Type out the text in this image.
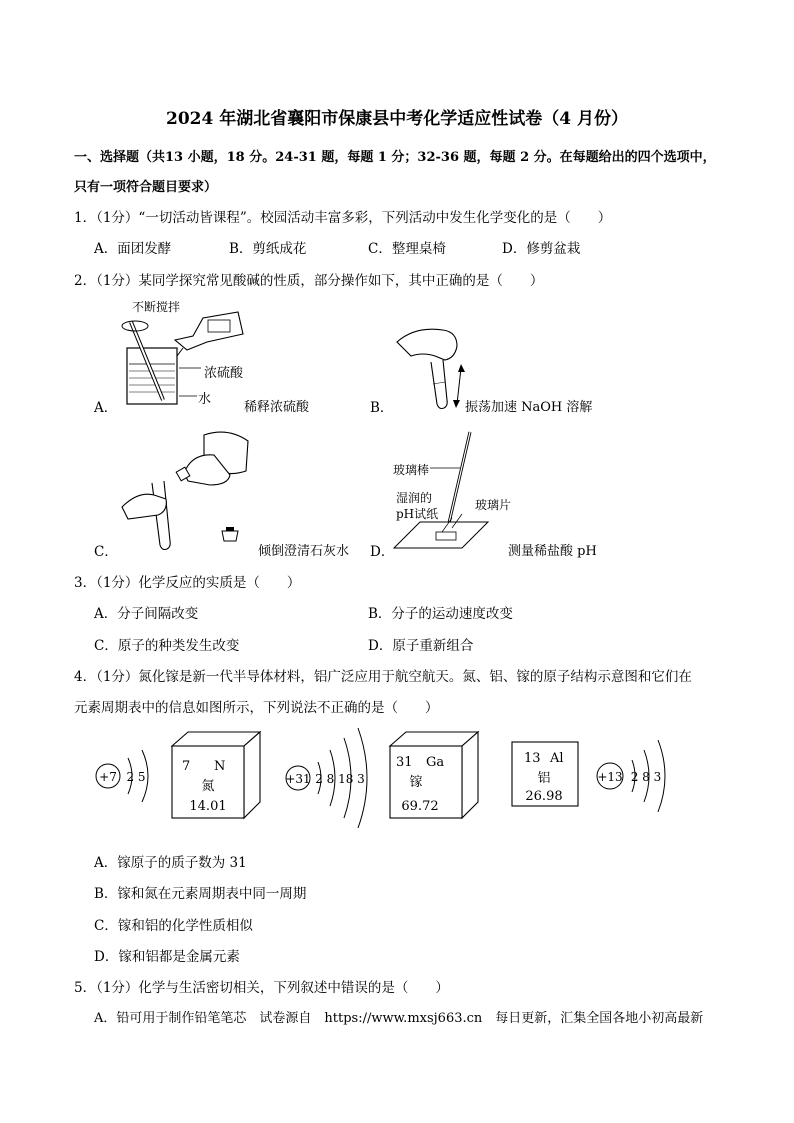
2024 年湖北省襄阳市保康县中考化学适应性试卷（4 月份）
一、选择题（共13 小题，18 分。24-31 题，每题 1 分；32-36 题，每题 2 分。在每题给出的四个选项中，
只有一项符合题目要求）
1．（1分）“一切活动皆课程”。校园活动丰富多彩，下列活动中发生化学变化的是（　　）
A．面团发酵	B．剪纸成花	C．整理桌椅	D．修剪盆栽
2．（1分）某同学探究常见酸碱的性质，部分操作如下，其中正确的是（　　）
不断搅拌
浓硫酸
水
A．	稀释浓硫酸	B．	振荡加速 NaOH 溶解
C．	倾倒澄清石灰水
玻璃棒
湿润的
pH试纸
玻璃片
D．	测量稀盐酸 pH
3．（1分）化学反应的实质是（　　）
A．分子间隔改变	B．分子的运动速度改变
C．原子的种类发生改变	D．原子重新组合
4．（1分）氮化镓是新一代半导体材料，铝广泛应用于航空航天。氮、铝、镓的原子结构示意图和它们在
元素周期表中的信息如图所示，下列说法不正确的是（　　）
+7 2 5
7 N
氮
14.01
+31 2 8 18 3
31 Ga
镓
69.72
13 Al
铝
26.98
+13 2 8 3
A．镓原子的质子数为 31
B．镓和氮在元素周期表中同一周期
C．镓和铝的化学性质相似
D．镓和铝都是金属元素
5．（1分）化学与生活密切相关，下列叙述中错误的是（　　）
A．铅可用于制作铅笔笔芯　试卷源自　https://www.mxsj663.cn　每日更新，汇集全国各地小初高最新
